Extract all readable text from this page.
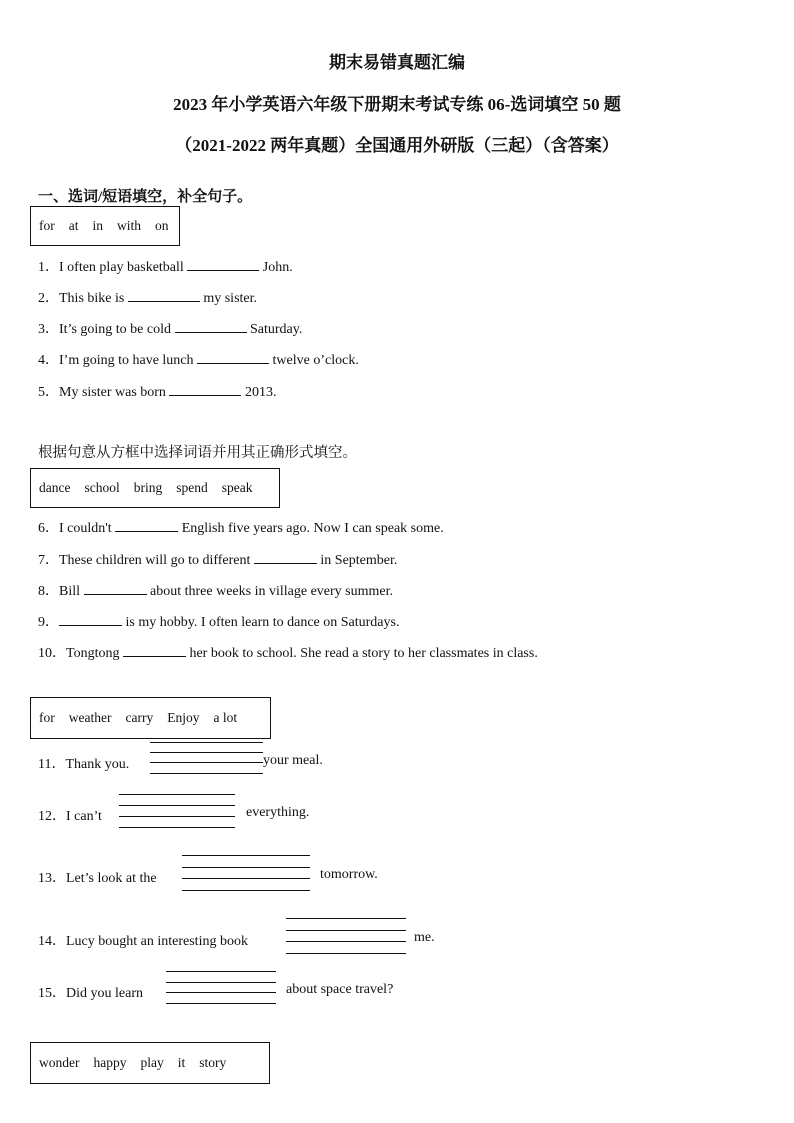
期末易错真题汇编
2023 年小学英语六年级下册期末考试专练 06-选词填空 50 题
（2021-2022 两年真题）全国通用外研版（三起）（含答案）
一、选词/短语填空，补全句子。
for at in with on
1．I often play basketball	John.
2．This bike is	my sister.
3．It’s going to be cold	Saturday.
4．I’m going to have lunch	twelve o’clock.
5．My sister was born	2013.
根据句意从方框中选择词语并用其正确形式填空。
dance school bring spend speak
6．I couldn't	English five years ago. Now I can speak some.
7．These children will go to different	in September.
8．Bill	about three weeks in village every summer.
9．	is my hobby. I often learn to dance on Saturdays.
10．Tongtong	her book to school. She read a story to her classmates in class.
for weather carry Enjoy a lot
11．Thank you.	your meal.
12．I can’t	everything.
13．Let’s look at the	tomorrow.
14．Lucy bought an interesting book	me.
15．Did you learn	about space travel?
wonder happy play it story
